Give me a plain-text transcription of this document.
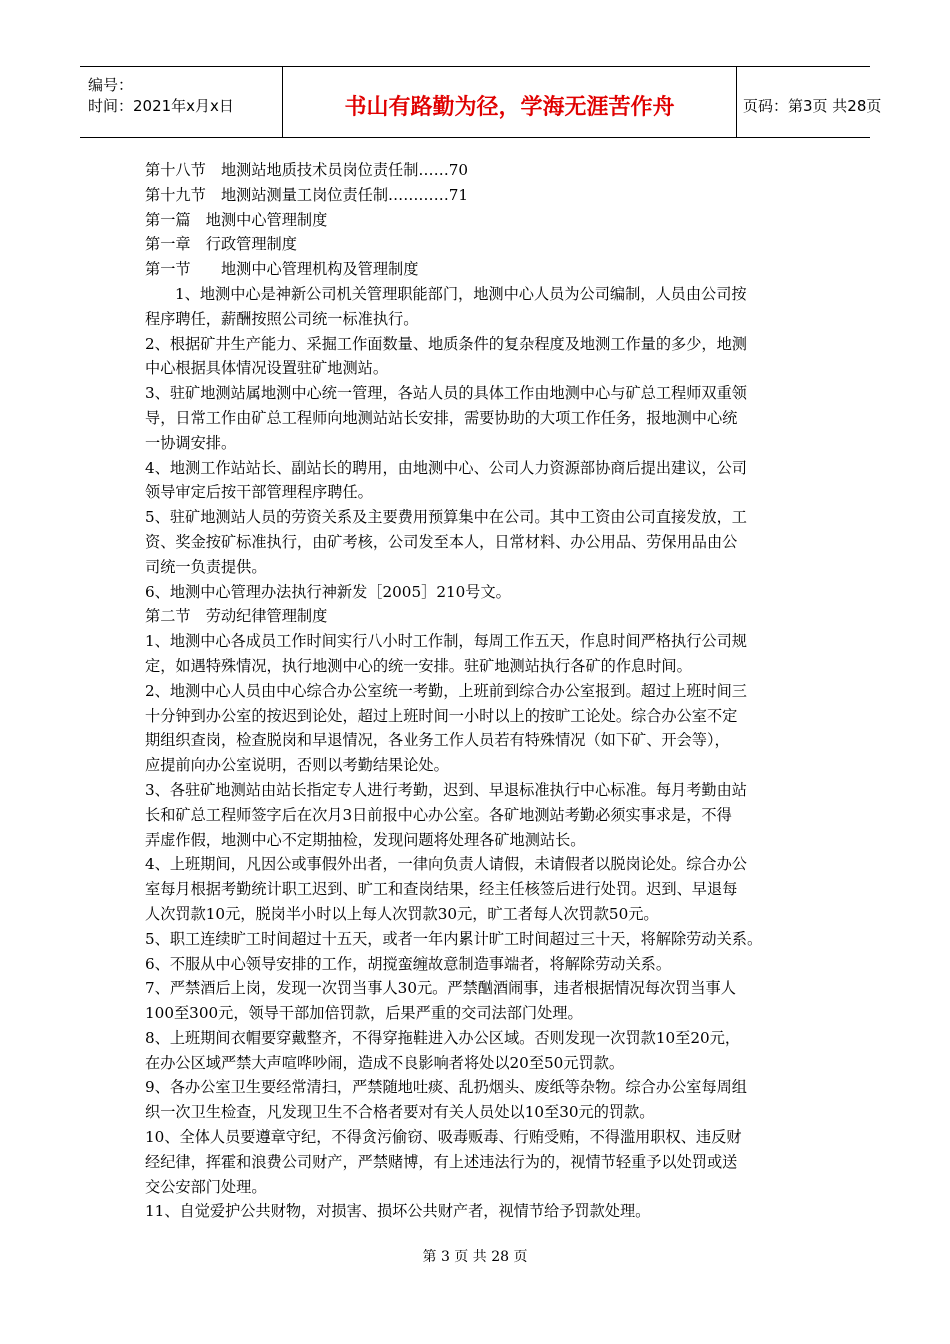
编号：
时间：2021年x月x日	书山有路勤为径，学海无涯苦作舟	页码：第3页 共28页
第十八节　地测站地质技术员岗位责任制……70
第十九节　地测站测量工岗位责任制…………71
第一篇　地测中心管理制度
第一章　行政管理制度
第一节　　地测中心管理机构及管理制度
1、地测中心是神新公司机关管理职能部门，地测中心人员为公司编制，人员由公司按
程序聘任，薪酬按照公司统一标准执行。
2、根据矿井生产能力、采掘工作面数量、地质条件的复杂程度及地测工作量的多少，地测
中心根据具体情况设置驻矿地测站。
3、驻矿地测站属地测中心统一管理，各站人员的具体工作由地测中心与矿总工程师双重领
导，日常工作由矿总工程师向地测站站长安排，需要协助的大项工作任务，报地测中心统
一协调安排。
4、地测工作站站长、副站长的聘用，由地测中心、公司人力资源部协商后提出建议，公司
领导审定后按干部管理程序聘任。
5、驻矿地测站人员的劳资关系及主要费用预算集中在公司。其中工资由公司直接发放，工
资、奖金按矿标准执行，由矿考核，公司发至本人，日常材料、办公用品、劳保用品由公
司统一负责提供。
6、地测中心管理办法执行神新发［2005］210号文。
第二节　劳动纪律管理制度
1、地测中心各成员工作时间实行八小时工作制，每周工作五天，作息时间严格执行公司规
定，如遇特殊情况，执行地测中心的统一安排。驻矿地测站执行各矿的作息时间。
2、地测中心人员由中心综合办公室统一考勤，上班前到综合办公室报到。超过上班时间三
十分钟到办公室的按迟到论处，超过上班时间一小时以上的按旷工论处。综合办公室不定
期组织查岗，检查脱岗和早退情况，各业务工作人员若有特殊情况（如下矿、开会等），
应提前向办公室说明，否则以考勤结果论处。
3、各驻矿地测站由站长指定专人进行考勤，迟到、早退标准执行中心标准。每月考勤由站
长和矿总工程师签字后在次月3日前报中心办公室。各矿地测站考勤必须实事求是，不得
弄虚作假，地测中心不定期抽检，发现问题将处理各矿地测站长。
4、上班期间，凡因公或事假外出者，一律向负责人请假，未请假者以脱岗论处。综合办公
室每月根据考勤统计职工迟到、旷工和查岗结果，经主任核签后进行处罚。迟到、早退每
人次罚款10元，脱岗半小时以上每人次罚款30元，旷工者每人次罚款50元。
5、职工连续旷工时间超过十五天，或者一年内累计旷工时间超过三十天，将解除劳动关系。
6、不服从中心领导安排的工作，胡搅蛮缠故意制造事端者，将解除劳动关系。
7、严禁酒后上岗，发现一次罚当事人30元。严禁酗酒闹事，违者根据情况每次罚当事人
100至300元，领导干部加倍罚款，后果严重的交司法部门处理。
8、上班期间衣帽要穿戴整齐，不得穿拖鞋进入办公区域。否则发现一次罚款10至20元，
在办公区域严禁大声喧哗吵闹，造成不良影响者将处以20至50元罚款。
9、各办公室卫生要经常清扫，严禁随地吐痰、乱扔烟头、废纸等杂物。综合办公室每周组
织一次卫生检查，凡发现卫生不合格者要对有关人员处以10至30元的罚款。
10、全体人员要遵章守纪，不得贪污偷窃、吸毒贩毒、行贿受贿，不得滥用职权、违反财
经纪律，挥霍和浪费公司财产，严禁赌博，有上述违法行为的，视情节轻重予以处罚或送
交公安部门处理。
11、自觉爱护公共财物，对损害、损坏公共财产者，视情节给予罚款处理。
第 3 页 共 28 页
